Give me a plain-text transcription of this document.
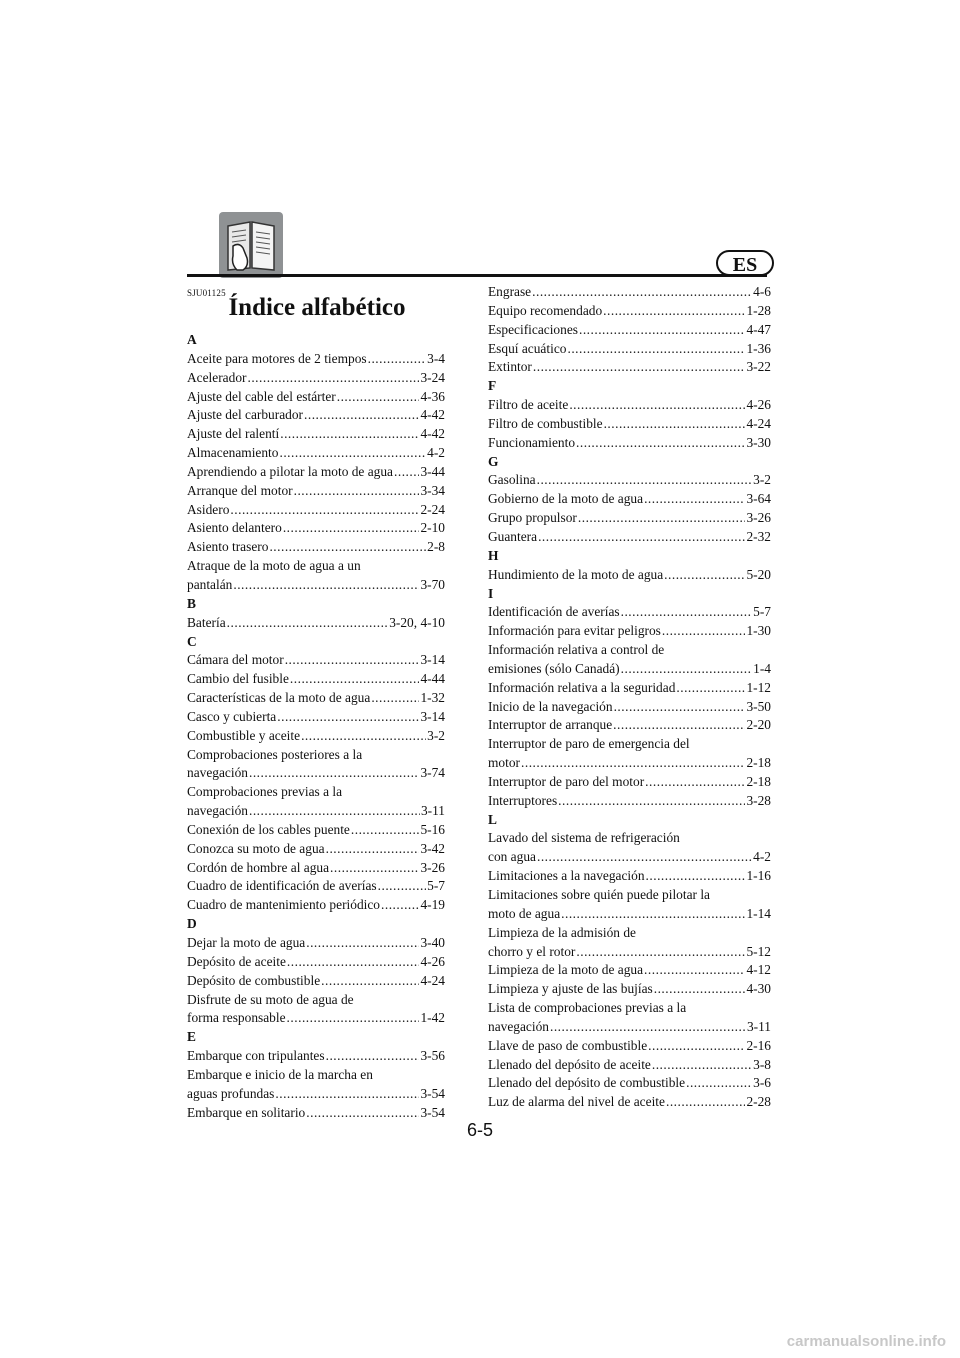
ES
SJU01125
Índice alfabético
A
Aceite para motores de 2 tiempos .....	3-4
Acelerador .....	3-24
Ajuste del cable del estárter .....	4-36
Ajuste del carburador .....	4-42
Ajuste del ralentí .....	4-42
Almacenamiento .....	4-2
Aprendiendo a pilotar la moto de agua ..... 3-44
Arranque del motor .....	3-34
Asidero .....	2-24
Asiento delantero .....	2-10
Asiento trasero .....	2-8
Atraque de la moto de agua a un
pantalán .....	3-70
B
Batería .....	3-20, 4-10
C
Cámara del motor .....	3-14
Cambio del fusible .....	4-44
Características de la moto de agua .....	1-32
Casco y cubierta .....	3-14
Combustible y aceite .....	3-2
Comprobaciones posteriores a la
navegación .....	3-74
Comprobaciones previas a la
navegación .....	3-11
Conexión de los cables puente .....	5-16
Conozca su moto de agua .....	3-42
Cordón de hombre al agua .....	3-26
Cuadro de identificación de averías .....	5-7
Cuadro de mantenimiento periódico .....	4-19
D
Dejar la moto de agua .....	3-40
Depósito de aceite .....	4-26
Depósito de combustible .....	4-24
Disfrute de su moto de agua de
forma responsable .....	1-42
E
Embarque con tripulantes .....	3-56
Embarque e inicio de la marcha en
aguas profundas .....	3-54
Embarque en solitario .....	3-54
Engrase .....	4-6
Equipo recomendado .....	1-28
Especificaciones .....	4-47
Esquí acuático .....	1-36
Extintor .....	3-22
F
Filtro de aceite .....	4-26
Filtro de combustible .....	4-24
Funcionamiento .....	3-30
G
Gasolina .....	3-2
Gobierno de la moto de agua .....	3-64
Grupo propulsor .....	3-26
Guantera .....	2-32
H
Hundimiento de la moto de agua .....	5-20
I
Identificación de averías .....	5-7
Información para evitar peligros .....	1-30
Información relativa a control de
emisiones (sólo Canadá) .....	1-4
Información relativa a la seguridad .....	1-12
Inicio de la navegación .....	3-50
Interruptor de arranque .....	2-20
Interruptor de paro de emergencia del
motor .....	2-18
Interruptor de paro del motor .....	2-18
Interruptores .....	3-28
L
Lavado del sistema de refrigeración
con agua .....	4-2
Limitaciones a la navegación .....	1-16
Limitaciones sobre quién puede pilotar la
moto de agua .....	1-14
Limpieza de la admisión de
chorro y el rotor .....	5-12
Limpieza de la moto de agua .....	4-12
Limpieza y ajuste de las bujías .....	4-30
Lista de comprobaciones previas a la
navegación .....	3-11
Llave de paso de combustible .....	2-16
Llenado del depósito de aceite .....	3-8
Llenado del depósito de combustible .....	3-6
Luz de alarma del nivel de aceite .....	2-28
6-5
carmanualsonline.info
